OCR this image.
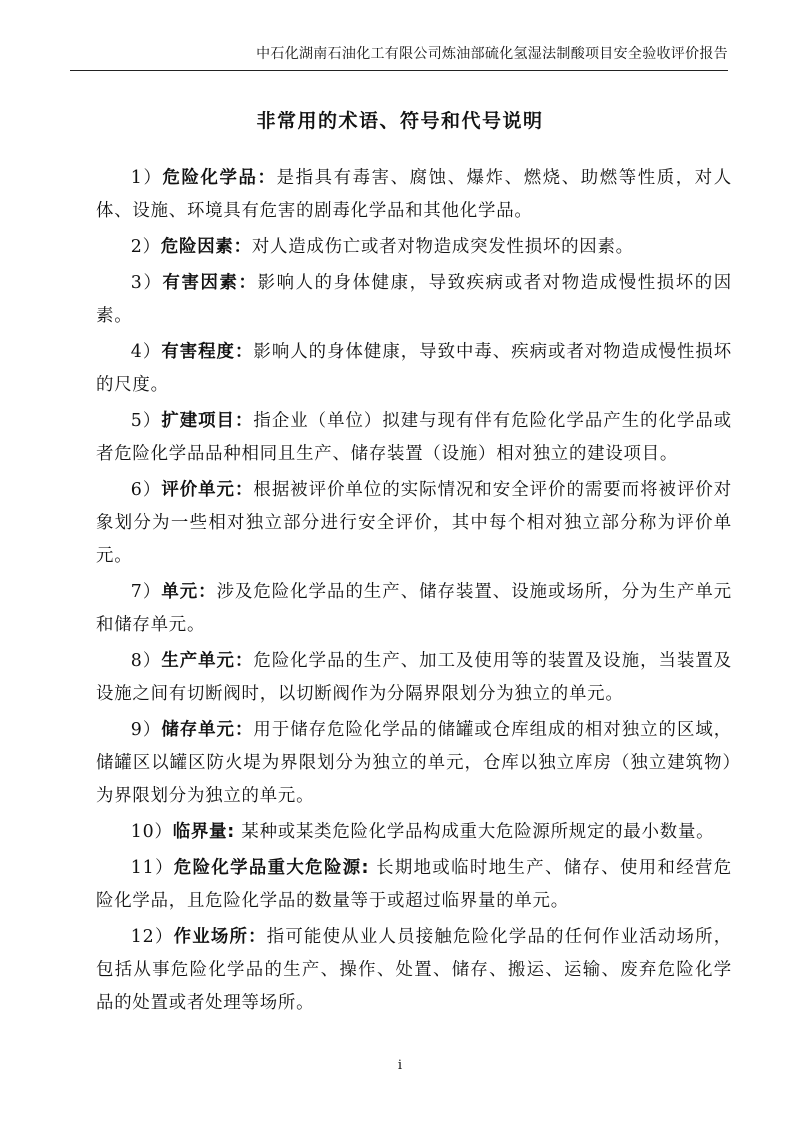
中石化湖南石油化工有限公司炼油部硫化氢湿法制酸项目安全验收评价报告
非常用的术语、符号和代号说明

1）危险化学品：是指具有毒害、腐蚀、爆炸、燃烧、助燃等性质，对人体、设施、环境具有危害的剧毒化学品和其他化学品。

2）危险因素：对人造成伤亡或者对物造成突发性损坏的因素。

3）有害因素：影响人的身体健康，导致疾病或者对物造成慢性损坏的因素。

4）有害程度：影响人的身体健康，导致中毒、疾病或者对物造成慢性损坏的尺度。

5）扩建项目：指企业（单位）拟建与现有伴有危险化学品产生的化学品或者危险化学品品种相同且生产、储存装置（设施）相对独立的建设项目。

6）评价单元：根据被评价单位的实际情况和安全评价的需要而将被评价对象划分为一些相对独立部分进行安全评价，其中每个相对独立部分称为评价单元。

7）单元：涉及危险化学品的生产、储存装置、设施或场所，分为生产单元和储存单元。

8）生产单元：危险化学品的生产、加工及使用等的装置及设施，当装置及设施之间有切断阀时，以切断阀作为分隔界限划分为独立的单元。

9）储存单元：用于储存危险化学品的储罐或仓库组成的相对独立的区域，储罐区以罐区防火堤为界限划分为独立的单元，仓库以独立库房（独立建筑物）为界限划分为独立的单元。

10）临界量: 某种或某类危险化学品构成重大危险源所规定的最小数量。

11）危险化学品重大危险源: 长期地或临时地生产、储存、使用和经营危险化学品，且危险化学品的数量等于或超过临界量的单元。

12）作业场所：指可能使从业人员接触危险化学品的任何作业活动场所，包括从事危险化学品的生产、操作、处置、储存、搬运、运输、废弃危险化学品的处置或者处理等场所。

i
